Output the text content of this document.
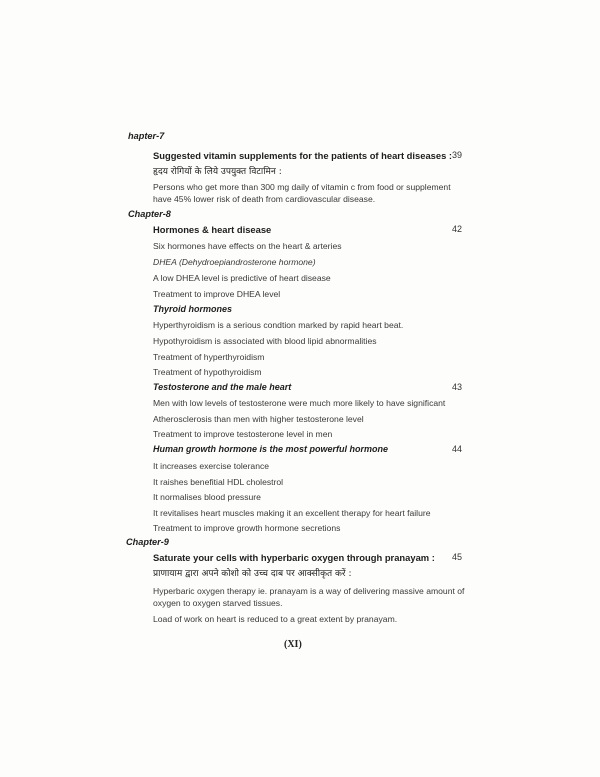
hapter-7
Suggested vitamin supplements for the patients of heart diseases : 39
हृदय रोगियों के लिये उपयुक्त विटामिन :
Persons who get more than 300 mg daily of vitamin c from food or supplement
have 45% lower risk of death from cardiovascular disease.
Chapter-8
Hormones & heart disease	42
Six hormones have effects on the heart & arteries
DHEA (Dehydroepiandrosterone hormone)
A low DHEA level is predictive of heart disease
Treatment to improve DHEA level
Thyroid hormones
Hyperthyroidism is a serious condtion marked by rapid heart beat.
Hypothyroidism is associated with blood lipid abnormalities
Treatment of hyperthyroidism
Treatment of hypothyroidism
Testosterone and the male heart	43
Men with low levels of testosterone were much more likely to have significant
Atherosclerosis than men with higher testosterone level
Treatment to improve testosterone level in men
Human growth hormone is the most powerful hormone	44
It increases exercise tolerance
It raishes benefitial HDL cholestrol
It normalises blood pressure
It revitalises heart muscles making it an excellent therapy for heart failure
Treatment to improve growth hormone secretions
Chapter-9
Saturate your cells with hyperbaric oxygen through pranayam :	45
प्राणायाम द्वारा अपने कोशो को उच्च दाब पर आक्सीकृत करें :
Hyperbaric oxygen therapy ie. pranayam is a way of delivering massive amount of
oxygen to oxygen starved tissues.
Load of work on heart is reduced to a great extent by pranayam.
(XI)
